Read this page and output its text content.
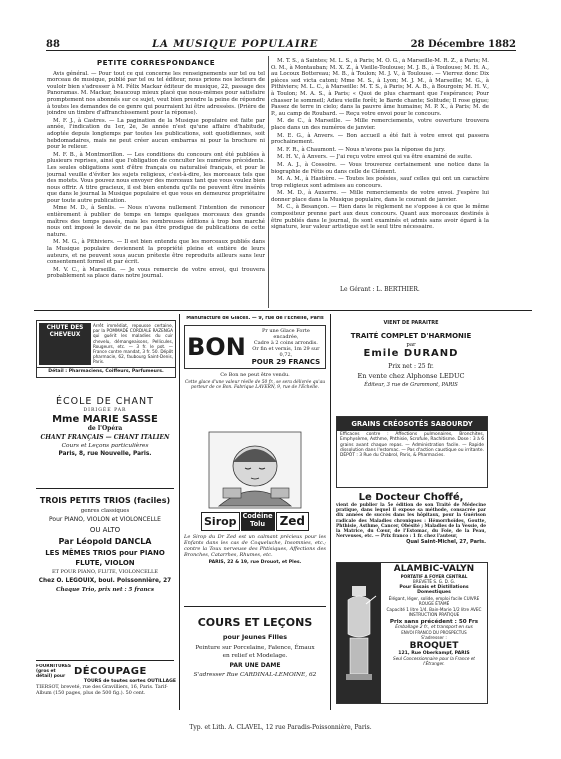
88	LA MUSIQUE POPULAIRE	28 Décembre 1882
PETITE CORRESPONDANCE

Avis général. — Pour tout ce qui concerne les renseignements sur tel ou tel morceau de musique, publié par tel ou tel éditeur, nous prions nos lecteurs de vouloir bien s'adresser à M. Félix Mackar éditeur de musique, 22, passage des Panoramas. M. Mackar, beaucoup mieux placé que nous-mêmes pour satisfaire promptement nos abonnés sur ce sujet, veut bien prendre la peine de répondre à toutes les demandes de ce genre qui pourraient lui être adressées. (Prière de joindre un timbre d'affranchissement pour la réponse).

M. F. J., à Castres. — La pagination de la Musique populaire est faite par année, l'indication du 1er, 2e, 3e année n'est qu'une affaire d'habitude, adoptée depuis longtemps par toutes les publications, soit quotidiennes, soit hebdomadaires, mais ne peut créer aucun embarras ni pour la brochure ni pour le relieur.

M. F. B., à Montmorillon. — Les conditions du concours ont été publiées à plusieurs reprises, ainsi que l'obligation de conculter les numéros précédents. Les seules obligations sont d'être français ou naturalisé français, et pour le journal veuille d'éviter les sujets religieux, c'est-à-dire, les morceaux tels que des motets. Vous pouvez nous envoyer des morceaux tant que vous voulez bien nous offrir. A titre gracieux, il est bien entendu qu'ils ne peuvent être insérés que dans le journal la Musique populaire et que vous en demeurez propriétaire pour toute autre publication.

Mme M. D., à Senlis. — Nous n'avons nullement l'intention de renoncer entièrement à publier de temps en temps quelques morceaux des grands maîtres des temps passés, mais les nombreuses éditions à trop bon marché nous ont imposé le devoir de ne pas être prodigue de publications de cette nature.

M. M. G., à Pithiviers. — Il est bien entendu que les morceaux publiés dans la Musique populaire deviennent la propriété pleine et entière de leurs auteurs, et ne peuvent sous aucun prétexte être reproduits ailleurs sans leur consentement formel et par écrit.

M. V. C., à Marseille. — Je vous remercie de votre envoi, qui trouvera probablement sa place dans notre journal.

M. T. S., à Saintes; M. L. S., à Paris; M. O. G., à Marseille-M. R. Z., à Paris; M. O. M., à Montauban; M. X. Z., à Vieille-Toulouse; M. J. B., à Toulouse; M. H. A., au Locoux Bottereau; M. B., à Toulon; M. J. V., à Toulouse. — Vierrez donc Dix pièces sed victa catoni; Mme M. S., à Lyon; M. J. M., à Marseille; M. G., à Pithiviers; M. L. C., à Marseille: M. T. S., à Paris; M. A. B., à Bourgoin; M. H. V., à Toulon; M. A. S., à Paris; « Quoi de plus charmant que l'espérance; Pour chasser le sommeil; Adieu vieille forêt; le Barde chante; Solitude; Il rose gigue; Passez de terre in cielo; dans la pauvre âme humaine; M. P. X., à Paris; M. de P., au camp de Roubard. — Reçu votre envoi pour le concours.

M. de C., à Marseille. — Mille remerciements, votre ouverture trouvera place dans un des numéros de janvier.

M. E. G., à Anvers. — Bon accueil a été fait à votre envoi qui passera prochainement.

M. F. R., à Chaumont. — Nous n'avons pas la réponse du jury.

M. H. V., à Anvers. — J'ai reçu votre envoi qui va être examiné de suite.

M. A. J., à Cossoire. — Vous trouverez certainement une notice dans la biographie de Fétis ou dans celle de Clément.

M. A. M., à Hastière. — Toutes les poésies, sauf celles qui ont un caractère trop religieux sont admises au concours.

M. M. D., à Auxerre. — Mille remerciements de votre envoi. J'espère lui donner place dans la Musique populaire, dans le courant de janvier.

M. C., à Besançon. — Rien dans le règlement ne s'oppose à ce que le même compositeur prenne part aux deux concours. Quant aux morceaux destinés à être publiés dans le journal, ils sont examinés et admis sans avoir égard à la signature, leur valeur artistique est le seul titre nécessaire.

Le Gérant : L. BERTHIER.
CHUTE DES CHEVEUX
Arrêt immédiat, repousse certaine, par la POMMADE CORDIALE RAZENGA qui guérit les maladies du cuir chevelu, démangeaisons, Pellicules, Rougeurs, etc. — 3 fr. le pot. — France contre mandat, 3 fr. 50. Dépôt pharmacie, 62, faubourg Saint-Denis, Paris.
Détail : Pharmaciens, Coiffeurs, Parfumeurs.
ÉCOLE DE CHANT
DIRIGÉE PAR
Mme MARIE SASSE
de l'Opéra
CHANT FRANÇAIS — CHANT ITALIEN
Cours et Leçons particulières
Paris, 8, rue Nouvelle, Paris.
TROIS PETITS TRIOS (faciles)
genres classiques
Pour PIANO, VIOLON et VIOLONCELLE
OU ALTO
Par Léopold DANCLA
LES MÊMES TRIOS pour PIANO
FLUTE, VIOLON
ET POUR PIANO, FLUTE, VIOLONCELLE
Chez O. LEGOUIX, boul. Poissonnière, 27
Chaque Trio, prix net : 5 francs
FOURNITURES (gros et détail) pour DÉCOUPAGE
TOURS de toutes sortes OUTILLAGE
TIERSOT, breveté, rue des Gravilliers, 16, Paris. Tarif-Album (150 pages, plus de 500 fig.). 50 cent.
Manufacture de Glaces. — 9, rue de l'Échelle, Paris
BON
Pr une Glace Forte encadrée,
Cadre à 2 coins arrondis.
Or fin et vernis, 1m 29 sur 0,72,
POUR 29 FRANCS
Ce Bon ne peut être vendu.
Cette glace d'une valeur réelle de 50 fr., se sera délivrée qu'au porteur de ce Bon. Fabrique LAVERN, 9, rue de l'Échelle.
Sirop Codéine
Tolu	Zed
Le Sirop du Dr Zed est un calmant précieux pour les Enfants dans les cas de Coqueluche, Insomnies, etc.; contre la Toux nerveuse des Phtisiques, Affections des Bronches, Catarrhes, Rhumes, etc.
PARIS, 22 & 19, rue Drouot, et Ples.
COURS ET LEÇONS
pour Jeunes Filles
Peinture sur Porcelaine, Faïence, Émaux
en relief et Modelage.
PAR UNE DAME
S'adresser Rue CARDINAL-LEMOINE, 62
VIENT DE PARAITRE
TRAITÉ COMPLET D'HARMONIE
par
Emile DURAND
Prix net : 25 fr.
En vente chez Alphonse LEDUC
Éditeur, 3 rue de Grammont, PARIS
GRAINS CRÉOSOTÉS SABOURDY
Efficaces contre : Affections pulmonaires, Bronchites, Emphysème, Asthme, Phthisie, Scrofule, Rachitisme. Dose : 3 à 6 grains avant chaque repas. — Administration facile. — Rapide dissolution dans l'estomac. — Pas d'action caustique ou irritante. DÉPÔT : 3 Rue du Chabrol, Paris, & Pharmacies.
Le Docteur Choffé,
vient de publier la 5e édition de son Traité de Médecine pratique, dans lequel il expose sa méthode, consacrée par dix années de succès dans les hôpitaux, pour la Guérison radicale des Maladies chroniques : Hémorrhoïdes, Goutte, Phthisie, Asthme, Cancer, Obésité ; Maladies de la Vessie, de la Matrice, du Cœur, de l'Estomac, du Foie, de la Peau, Nerveuses, etc. — Prix franco : 1 fr. chez l'auteur,
Quai Saint-Michel, 27, Paris.
ALAMBIC-VALYN
PORTATIF A FOYER CENTRAL
BREVETÉ S. G. D. G.
Pour Essais et Distillations Domestiques
Élégant, léger, solide, emploi facile CUIVRE ROUGE ÉTAMÉ
Capacité 1 litre 1/4. Bain-Marie 1/2 litre AVEC INSTRUCTION PRATIQUE
Prix sans précédent : 50 Frs
Emballage 2 fr., et transport en sus
ENVOI FRANCO DU PROSPECTUS
S'adresser :
BROQUET
121, Rue Oberkampf, PARIS
Seul Concessionnaire pour la France et l'Étranger.
Typ. et Lith. A. CLAVEL, 12 rue Paradis-Poissonnière, Paris.
